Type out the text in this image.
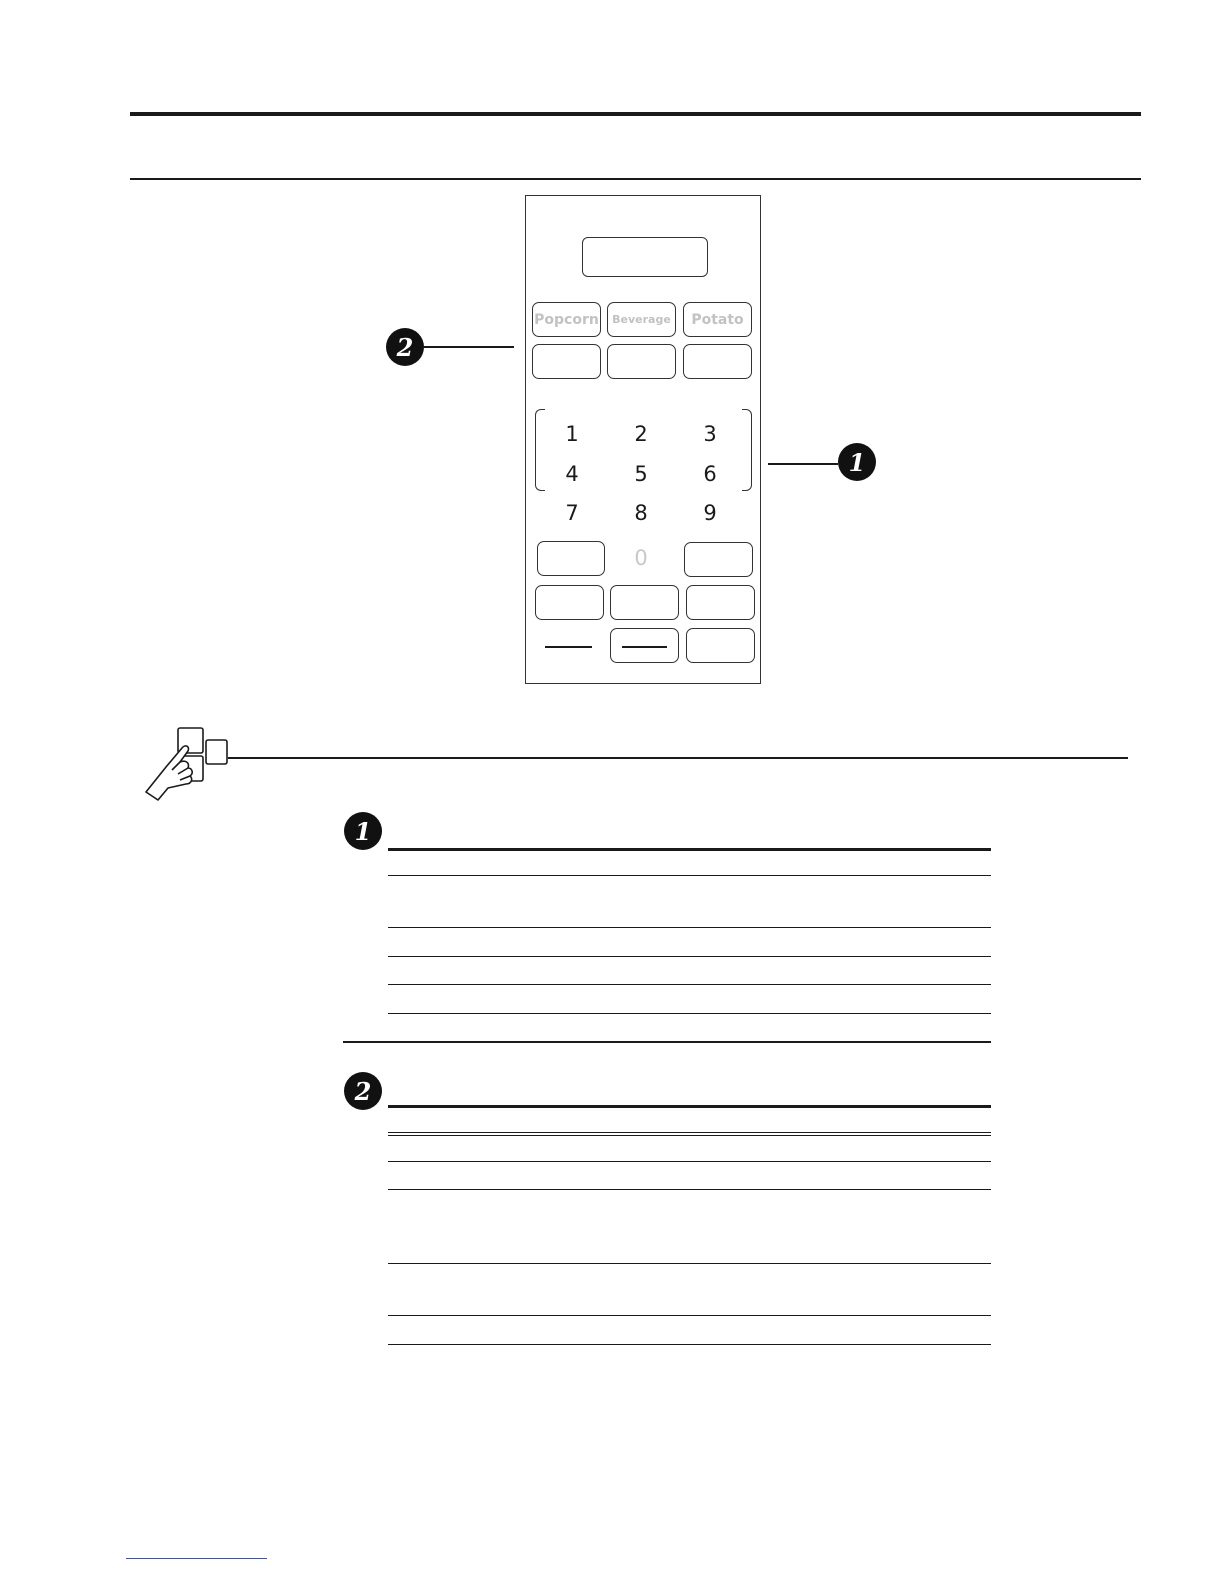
Popcorn Beverage Potato
1	2	3
4	5	6
7	8	9
0
2
1
1
2
